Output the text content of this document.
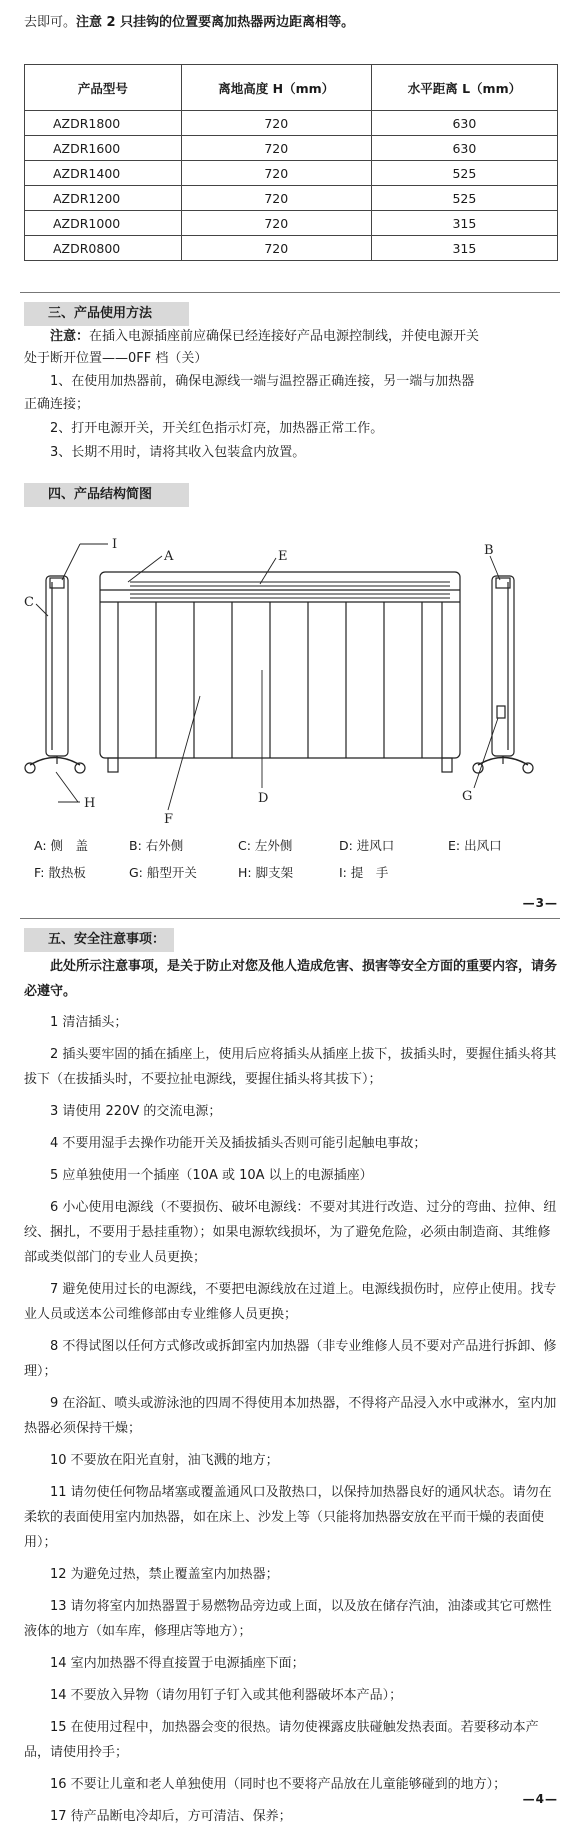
去即可。注意 2 只挂钩的位置要离加热器两边距离相等。
产品型号	离地高度 H（mm）	水平距离 L（mm）
AZDR1800	720	630
AZDR1600	720	630
AZDR1400	720	525
AZDR1200	720	525
AZDR1000	720	315
AZDR0800	720	315
三、产品使用方法
注意：在插入电源插座前应确保已经连接好产品电源控制线，并使电源开关
处于断开位置——0FF 档（关）
1、在使用加热器前，确保电源线一端与温控器正确连接，另一端与加热器
正确连接；
2、打开电源开关，开关红色指示灯亮，加热器正常工作。
3、长期不用时，请将其收入包装盒内放置。
四、产品结构简图
I
A	E	B
C
H
F
D	G
A: 侧　盖	B: 右外侧	C: 左外侧	D: 进风口	E: 出风口
F: 散热板	G: 船型开关	H: 脚支架	I: 提　手
—3—
五、安全注意事项：
此处所示注意事项，是关于防止对您及他人造成危害、损害等安全方面的重要内容，请务必遵守。
1 清洁插头；
2 插头要牢固的插在插座上，使用后应将插头从插座上拔下，拔插头时，要握住插头将其拔下（在拔插头时，不要拉扯电源线，要握住插头将其拔下）；
3 请使用 220V 的交流电源；
4 不要用湿手去操作功能开关及插拔插头否则可能引起触电事故；
5 应单独使用一个插座（10A 或 10A 以上的电源插座）
6 小心使用电源线（不要损伤、破坏电源线：不要对其进行改造、过分的弯曲、拉伸、纽绞、捆扎，不要用于悬挂重物）；如果电源软线损坏，为了避免危险，必须由制造商、其维修部或类似部门的专业人员更换；
7 避免使用过长的电源线，不要把电源线放在过道上。电源线损伤时，应停止使用。找专业人员或送本公司维修部由专业维修人员更换；
8 不得试图以任何方式修改或拆卸室内加热器（非专业维修人员不要对产品进行拆卸、修理）；
9 在浴缸、喷头或游泳池的四周不得使用本加热器，不得将产品浸入水中或淋水，室内加热器必须保持干燥；
10 不要放在阳光直射，油飞溅的地方；
11 请勿使任何物品堵塞或覆盖通风口及散热口，以保持加热器良好的通风状态。请勿在柔软的表面使用室内加热器，如在床上、沙发上等（只能将加热器安放在平而干燥的表面使用）；
12 为避免过热，禁止覆盖室内加热器；
13 请勿将室内加热器置于易燃物品旁边或上面，以及放在储存汽油，油漆或其它可燃性液体的地方（如车库，修理店等地方）；
14 室内加热器不得直接置于电源插座下面；
14 不要放入异物（请勿用钉子钉入或其他利器破坏本产品）；
15 在使用过程中，加热器会变的很热。请勿使裸露皮肤碰触发热表面。若要移动本产品，请使用拎手；
16 不要让儿童和老人单独使用（同时也不要将产品放在儿童能够碰到的地方）；
17 待产品断电冷却后，方可清洁、保养；
—4—
